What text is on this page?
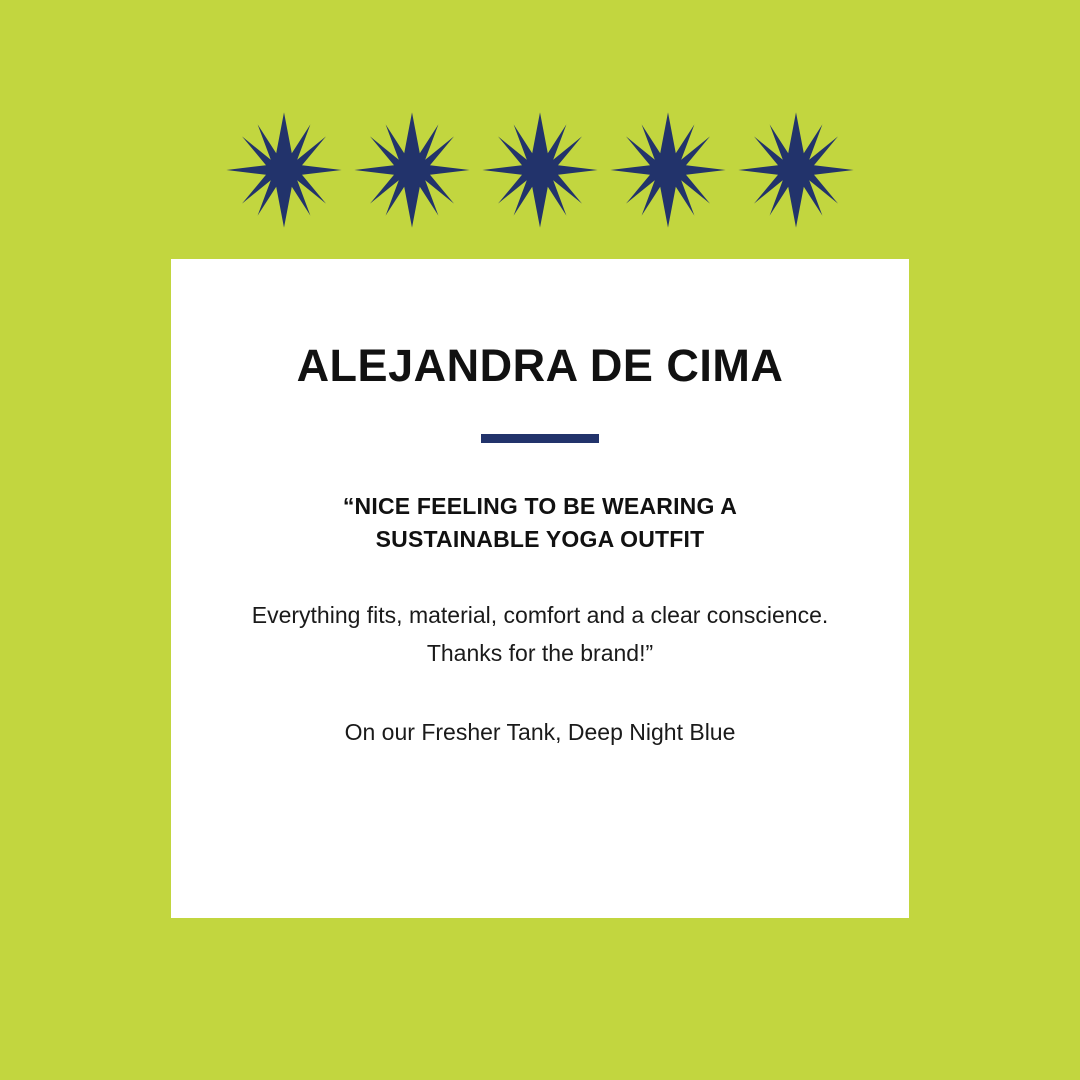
ALEJANDRA DE CIMA

“NICE FEELING TO BE WEARING A SUSTAINABLE YOGA OUTFIT

Everything fits, material, comfort and a clear conscience. Thanks for the brand!”

On our Fresher Tank, Deep Night Blue
